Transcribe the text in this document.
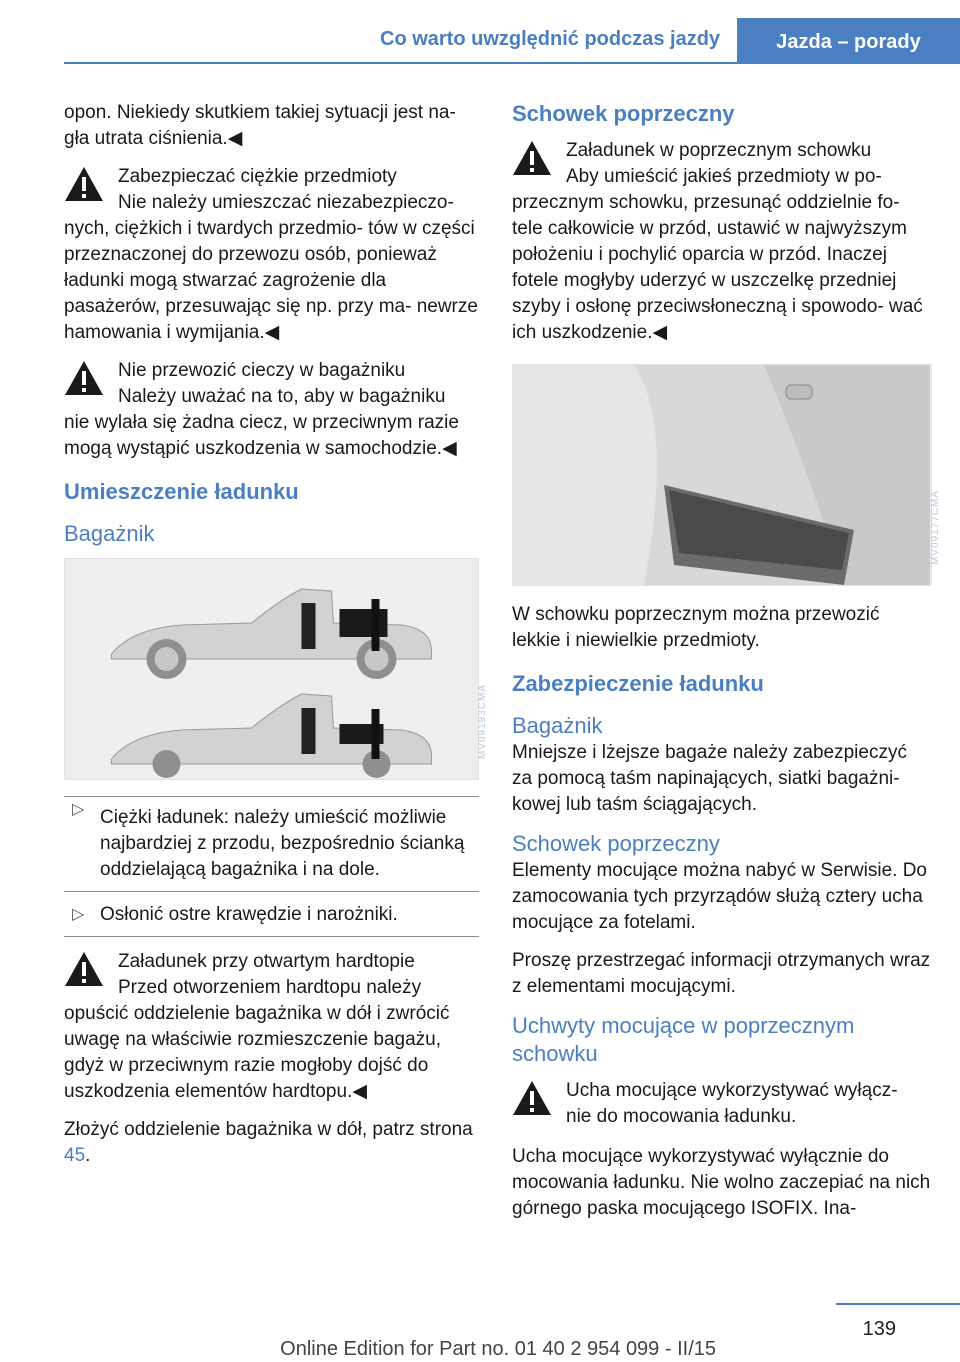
Co warto uwzględnić podczas jazdy	Jazda – porady

opon. Niekiedy skutkiem takiej sytuacji jest na- gła utrata ciśnienia.◀

Zabezpieczać ciężkie przedmioty
Nie należy umieszczać niezabezpieczo-
nych, ciężkich i twardych przedmio- tów w części przeznaczonej do przewozu osób, ponieważ ładunki mogą stwarzać zagrożenie dla pasażerów, przesuwając się np. przy ma- newrze hamowania i wymijania.◀
Nie przewozić cieczy w bagażniku
Należy uważać na to, aby w bagażniku
nie wylała się żadna ciecz, w przeciwnym razie mogą wystąpić uszkodzenia w samochodzie.◀
Umieszczenie ładunku
Bagażnik
MV09193CMA
▷ Ciężki ładunek: należy umieścić możliwie najbardziej z przodu, bezpośrednio ścianką oddzielającą bagażnika i na dole.
▷ Osłonić ostre krawędzie i narożniki.
Załadunek przy otwartym hardtopie
Przed otworzeniem hardtopu należy
opuścić oddzielenie bagażnika w dół i zwrócić uwagę na właściwie rozmieszczenie bagażu, gdyż w przeciwnym razie mogłoby dojść do uszkodzenia elementów hardtopu.◀

Złożyć oddzielenie bagażnika w dół, patrz strona 45.

Schowek poprzeczny
Załadunek w poprzecznym schowku
Aby umieścić jakieś przedmioty w po-
przecznym schowku, przesunąć oddzielnie fo- tele całkowicie w przód, ustawić w najwyższym położeniu i pochylić oparcia w przód. Inaczej fotele mogłyby uderzyć w uszczelkę przedniej szyby i osłonę przeciwsłoneczną i spowodo- wać ich uszkodzenie.◀
MV09177CMA

W schowku poprzecznym można przewozić lekkie i niewielkie przedmioty.

Zabezpieczenie ładunku
Bagażnik

Mniejsze i lżejsze bagaże należy zabezpieczyć za pomocą taśm napinających, siatki bagażni- kowej lub taśm ściągających.

Schowek poprzeczny

Elementy mocujące można nabyć w Serwisie. Do zamocowania tych przyrządów służą cztery ucha mocujące za fotelami.

Proszę przestrzegać informacji otrzymanych wraz z elementami mocującymi.

Uchwyty mocujące w poprzecznym schowku
Ucha mocujące wykorzystywać wyłącz-
nie do mocowania ładunku.

Ucha mocujące wykorzystywać wyłącznie do mocowania ładunku. Nie wolno zaczepiać na nich górnego paska mocującego ISOFIX. Ina-

139
Online Edition for Part no. 01 40 2 954 099 - II/15
